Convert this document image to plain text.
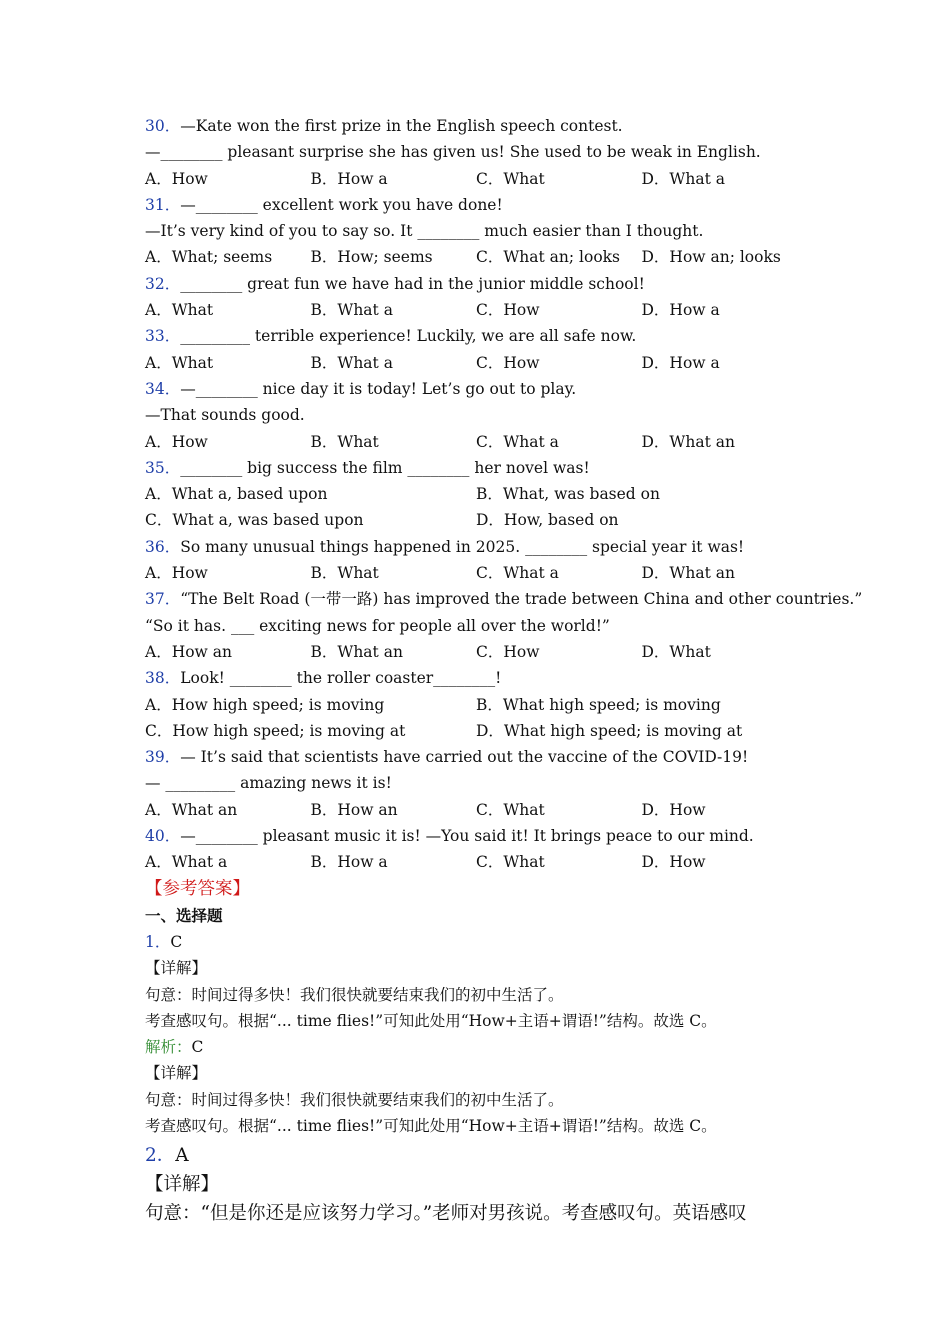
30．—Kate won the first prize in the English speech contest.
—________ pleasant surprise she has given us! She used to be weak in English.
A．How	B．How a	C．What	D．What a
31．—________ excellent work you have done!
—It’s very kind of you to say so. It ________ much easier than I thought.
A．What; seems	B．How; seems	C．What an; looks	D．How an; looks
32．________ great fun we have had in the junior middle school!
A．What	B．What a	C．How	D．How a
33．_________ terrible experience! Luckily, we are all safe now.
A．What	B．What a	C．How	D．How a
34．—________ nice day it is today! Let’s go out to play.
—That sounds good.
A．How	B．What	C．What a	D．What an
35．________ big success the film ________ her novel was!
A．What a, based upon	B．What, was based on
C．What a, was based upon	D．How, based on
36．So many unusual things happened in 2025. ________ special year it was!
A．How	B．What	C．What a	D．What an
37．“The Belt Road (一带一路) has improved the trade between China and other countries.”
“So it has. ___ exciting news for people all over the world!”
A．How an	B．What an	C．How	D．What
38．Look! ________ the roller coaster________!
A．How high speed; is moving	B．What high speed; is moving
C．How high speed; is moving at	D．What high speed; is moving at
39．— It’s said that scientists have carried out the vaccine of the COVID-19!
— _________ amazing news it is!
A．What an	B．How an	C．What	D．How
40．—________ pleasant music it is! —You said it! It brings peace to our mind.
A．What a	B．How a	C．What	D．How
【参考答案】
一、选择题
1．C
【详解】
句意：时间过得多快！我们很快就要结束我们的初中生活了。
考查感叹句。根据“... time flies!”可知此处用“How+主语+谓语!”结构。故选 C。
解析：C
【详解】
句意：时间过得多快！我们很快就要结束我们的初中生活了。
考查感叹句。根据“... time flies!”可知此处用“How+主语+谓语!”结构。故选 C。
2．A
【详解】
句意：“但是你还是应该努力学习。”老师对男孩说。考查感叹句。英语感叹
